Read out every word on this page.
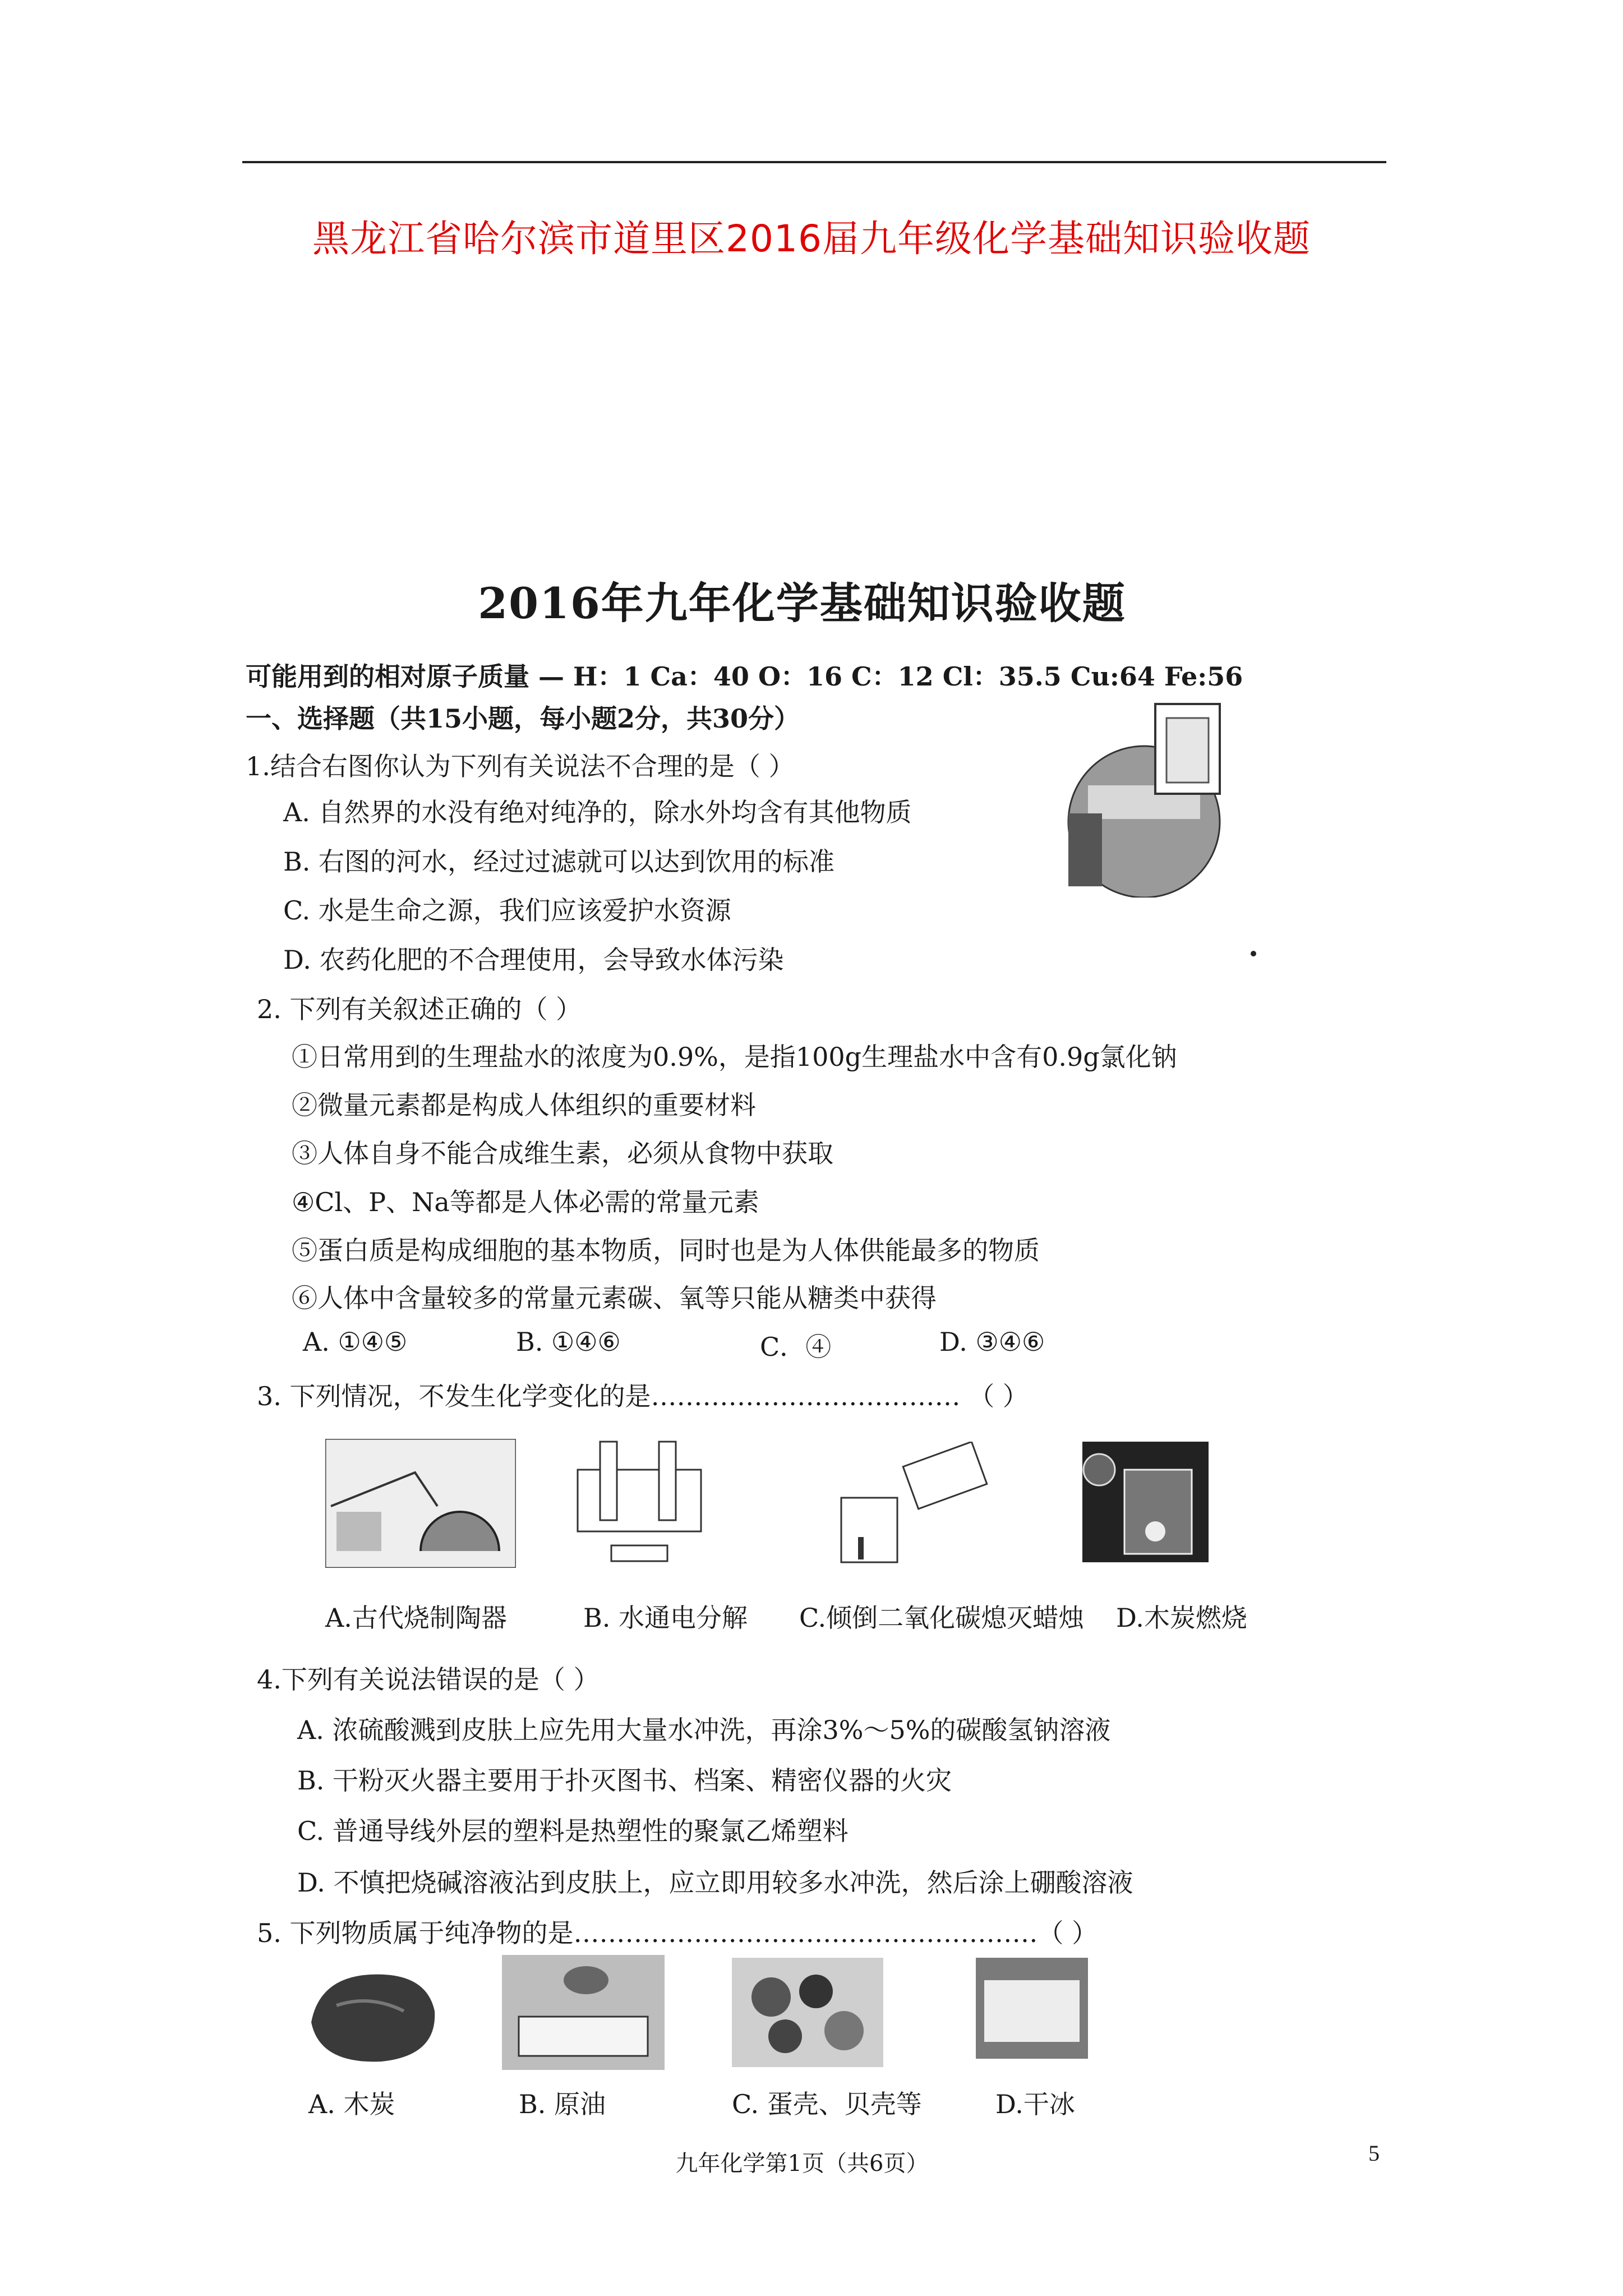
黑龙江省哈尔滨市道里区2016届九年级化学基础知识验收题
2016年九年化学基础知识验收题
可能用到的相对原子质量 — H：1 Ca：40 O：16 C：12 Cl：35.5 Cu:64 Fe:56
一、选择题（共15小题，每小题2分，共30分）
1.结合右图你认为下列有关说法不合理的是（ ）
A. 自然界的水没有绝对纯净的，除水外均含有其他物质
B. 右图的河水，经过过滤就可以达到饮用的标准
C. 水是生命之源，我们应该爱护水资源
D. 农药化肥的不合理使用，会导致水体污染
2. 下列有关叙述正确的（ ）
①日常用到的生理盐水的浓度为0.9%，是指100g生理盐水中含有0.9g氯化钠
②微量元素都是构成人体组织的重要材料
③人体自身不能合成维生素，必须从食物中获取
④Cl、P、Na等都是人体必需的常量元素
⑤蛋白质是构成细胞的基本物质，同时也是为人体供能最多的物质
⑥人体中含量较多的常量元素碳、氧等只能从糖类中获得
A. ①④⑤	B. ①④⑥	C．④	D. ③④⑥
3. 下列情况，不发生化学变化的是……………………………… （ ）
A.古代烧制陶器	B. 水通电分解 C.倾倒二氧化碳熄灭蜡烛 D.木炭燃烧
4.下列有关说法错误的是（ ）
A. 浓硫酸溅到皮肤上应先用大量水冲洗，再涂3%～5%的碳酸氢钠溶液
B. 干粉灭火器主要用于扑灭图书、档案、精密仪器的火灾
C. 普通导线外层的塑料是热塑性的聚氯乙烯塑料
D. 不慎把烧碱溶液沾到皮肤上，应立即用较多水冲洗，然后涂上硼酸溶液
5. 下列物质属于纯净物的是………………………………………………（ ）
A. 木炭	B. 原油	C. 蛋壳、贝壳等	D.干冰
九年化学第1页（共6页）	5
